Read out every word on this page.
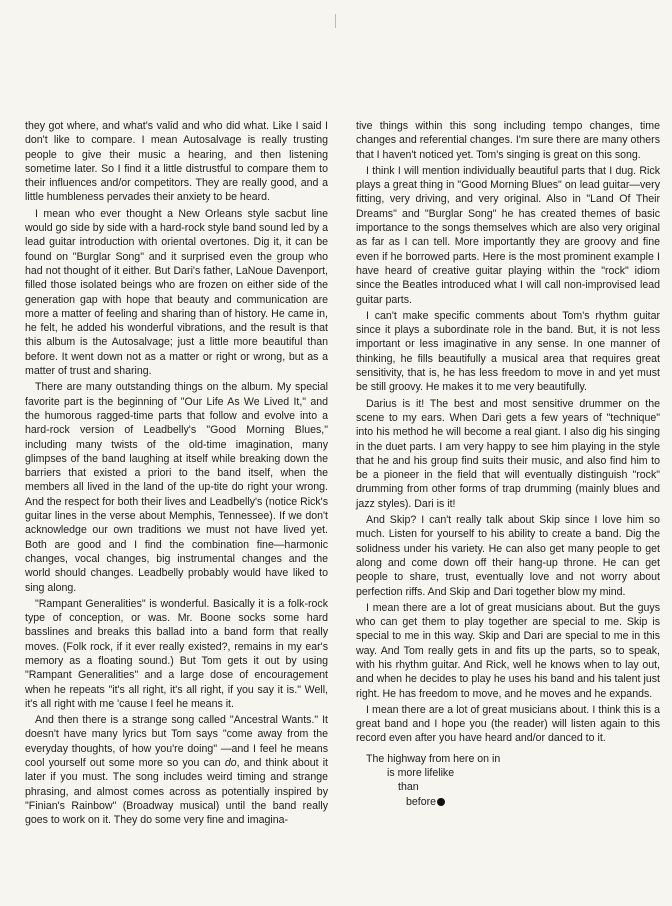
they got where, and what's valid and who did what. Like I said I don't like to compare. I mean Autosalvage is really trusting people to give their music a hearing, and then listening sometime later. So I find it a little distrustful to compare them to their influences and/or competitors. They are really good, and a little humbleness pervades their anxiety to be heard.

I mean who ever thought a New Orleans style sacbut line would go side by side with a hard-rock style band sound led by a lead guitar introduction with oriental overtones. Dig it, it can be found on "Burglar Song" and it surprised even the group who had not thought of it either. But Dari's father, LaNoue Davenport, filled those isolated beings who are frozen on either side of the generation gap with hope that beauty and communication are more a matter of feeling and sharing than of history. He came in, he felt, he added his wonderful vibrations, and the result is that this album is the Autosalvage; just a little more beautiful than before. It went down not as a matter or right or wrong, but as a matter of trust and sharing.

There are many outstanding things on the album. My special favorite part is the beginning of "Our Life As We Lived It," and the humorous ragged-time parts that follow and evolve into a hard-rock version of Leadbelly's "Good Morning Blues," including many twists of the old-time imagination, many glimpses of the band laughing at itself while breaking down the barriers that existed a priori to the band itself, when the members all lived in the land of the up-tite do right your wrong. And the respect for both their lives and Leadbelly's (notice Rick's guitar lines in the verse about Memphis, Tennessee). If we don't acknowledge our own traditions we must not have lived yet. Both are good and I find the combination fine—harmonic changes, vocal changes, big instrumental changes and the world should changes. Leadbelly probably would have liked to sing along.

"Rampant Generalities" is wonderful. Basically it is a folk-rock type of conception, or was. Mr. Boone socks some hard basslines and breaks this ballad into a band form that really moves. (Folk rock, if it ever really existed?, remains in my ear's memory as a floating sound.) But Tom gets it out by using "Rampant Generalities" and a large dose of encouragement when he repeats "it's all right, it's all right, if you say it is." Well, it's all right with me 'cause I feel he means it.

And then there is a strange song called "Ancestral Wants." It doesn't have many lyrics but Tom says "come away from the everyday thoughts, of how you're doing" —and I feel he means cool yourself out some more so you can do, and think about it later if you must. The song includes weird timing and strange phrasing, and almost comes across as potentially inspired by "Finian's Rainbow" (Broadway musical) until the band really goes to work on it. They do some very fine and imagina-

tive things within this song including tempo changes, time changes and referential changes. I'm sure there are many others that I haven't noticed yet. Tom's singing is great on this song.

I think I will mention individually beautiful parts that I dug. Rick plays a great thing in "Good Morning Blues" on lead guitar—very fitting, very driving, and very original. Also in "Land Of Their Dreams" and "Burglar Song" he has created themes of basic importance to the songs themselves which are also very original as far as I can tell. More importantly they are groovy and fine even if he borrowed parts. Here is the most prominent example I have heard of creative guitar playing within the "rock" idiom since the Beatles introduced what I will call non-improvised lead guitar parts.

I can't make specific comments about Tom's rhythm guitar since it plays a subordinate role in the band. But, it is not less important or less imaginative in any sense. In one manner of thinking, he fills beautifully a musical area that requires great sensitivity, that is, he has less freedom to move in and yet must be still groovy. He makes it to me very beautifully.

Darius is it! The best and most sensitive drummer on the scene to my ears. When Dari gets a few years of "technique" into his method he will become a real giant. I also dig his singing in the duet parts. I am very happy to see him playing in the style that he and his group find suits their music, and also find him to be a pioneer in the field that will eventually distinguish "rock" drumming from other forms of trap drumming (mainly blues and jazz styles). Dari is it!

And Skip? I can't really talk about Skip since I love him so much. Listen for yourself to his ability to create a band. Dig the solidness under his variety. He can also get many people to get along and come down off their hang-up throne. He can get people to share, trust, eventually love and not worry about perfection riffs. And Skip and Dari together blow my mind.

I mean there are a lot of great musicians about. But the guys who can get them to play together are special to me. Skip is special to me in this way. Skip and Dari are special to me in this way. And Tom really gets in and fits up the parts, so to speak, with his rhythm guitar. And Rick, well he knows when to lay out, and when he decides to play he uses his band and his talent just right. He has freedom to move, and he moves and he expands.

I mean there are a lot of great musicians about. I think this is a great band and I hope you (the reader) will listen again to this record even after you have heard and/or danced to it.

The highway from here on in
is more lifelike
than
before
